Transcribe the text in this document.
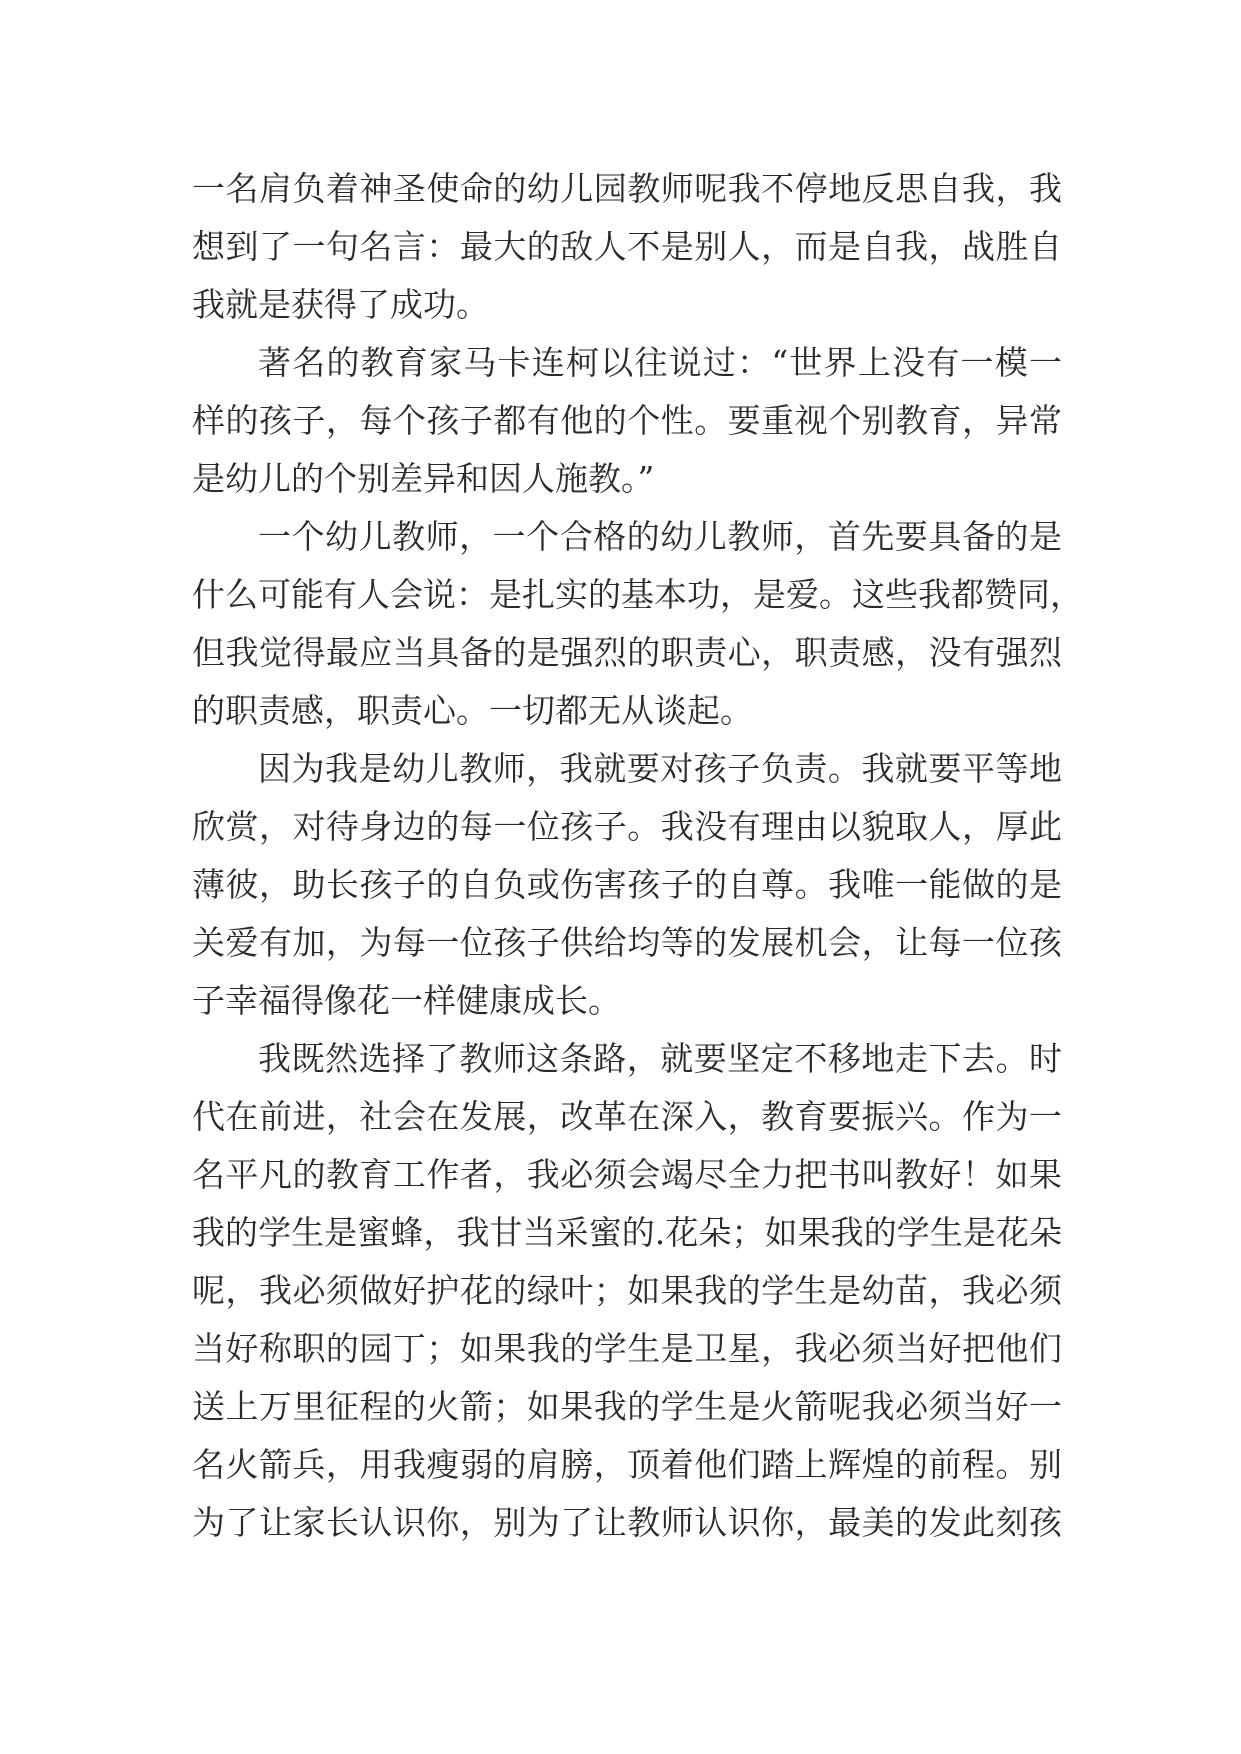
一名肩负着神圣使命的幼儿园教师呢我不停地反思自我，我
想到了一句名言：最大的敌人不是别人，而是自我，战胜自
我就是获得了成功。
著名的教育家马卡连柯以往说过：“世界上没有一模一
样的孩子，每个孩子都有他的个性。要重视个别教育，异常
是幼儿的个别差异和因人施教。”
一个幼儿教师，一个合格的幼儿教师，首先要具备的是
什么可能有人会说：是扎实的基本功，是爱。这些我都赞同，
但我觉得最应当具备的是强烈的职责心，职责感，没有强烈
的职责感，职责心。一切都无从谈起。
因为我是幼儿教师，我就要对孩子负责。我就要平等地
欣赏，对待身边的每一位孩子。我没有理由以貌取人，厚此
薄彼，助长孩子的自负或伤害孩子的自尊。我唯一能做的是
关爱有加，为每一位孩子供给均等的发展机会，让每一位孩
子幸福得像花一样健康成长。
我既然选择了教师这条路，就要坚定不移地走下去。时
代在前进，社会在发展，改革在深入，教育要振兴。作为一
名平凡的教育工作者，我必须会竭尽全力把书叫教好！如果
我的学生是蜜蜂，我甘当采蜜的.花朵；如果我的学生是花朵
呢，我必须做好护花的绿叶；如果我的学生是幼苗，我必须
当好称职的园丁；如果我的学生是卫星，我必须当好把他们
送上万里征程的火箭；如果我的学生是火箭呢我必须当好一
名火箭兵，用我瘦弱的肩膀，顶着他们踏上辉煌的前程。别
为了让家长认识你，别为了让教师认识你，最美的发此刻孩
